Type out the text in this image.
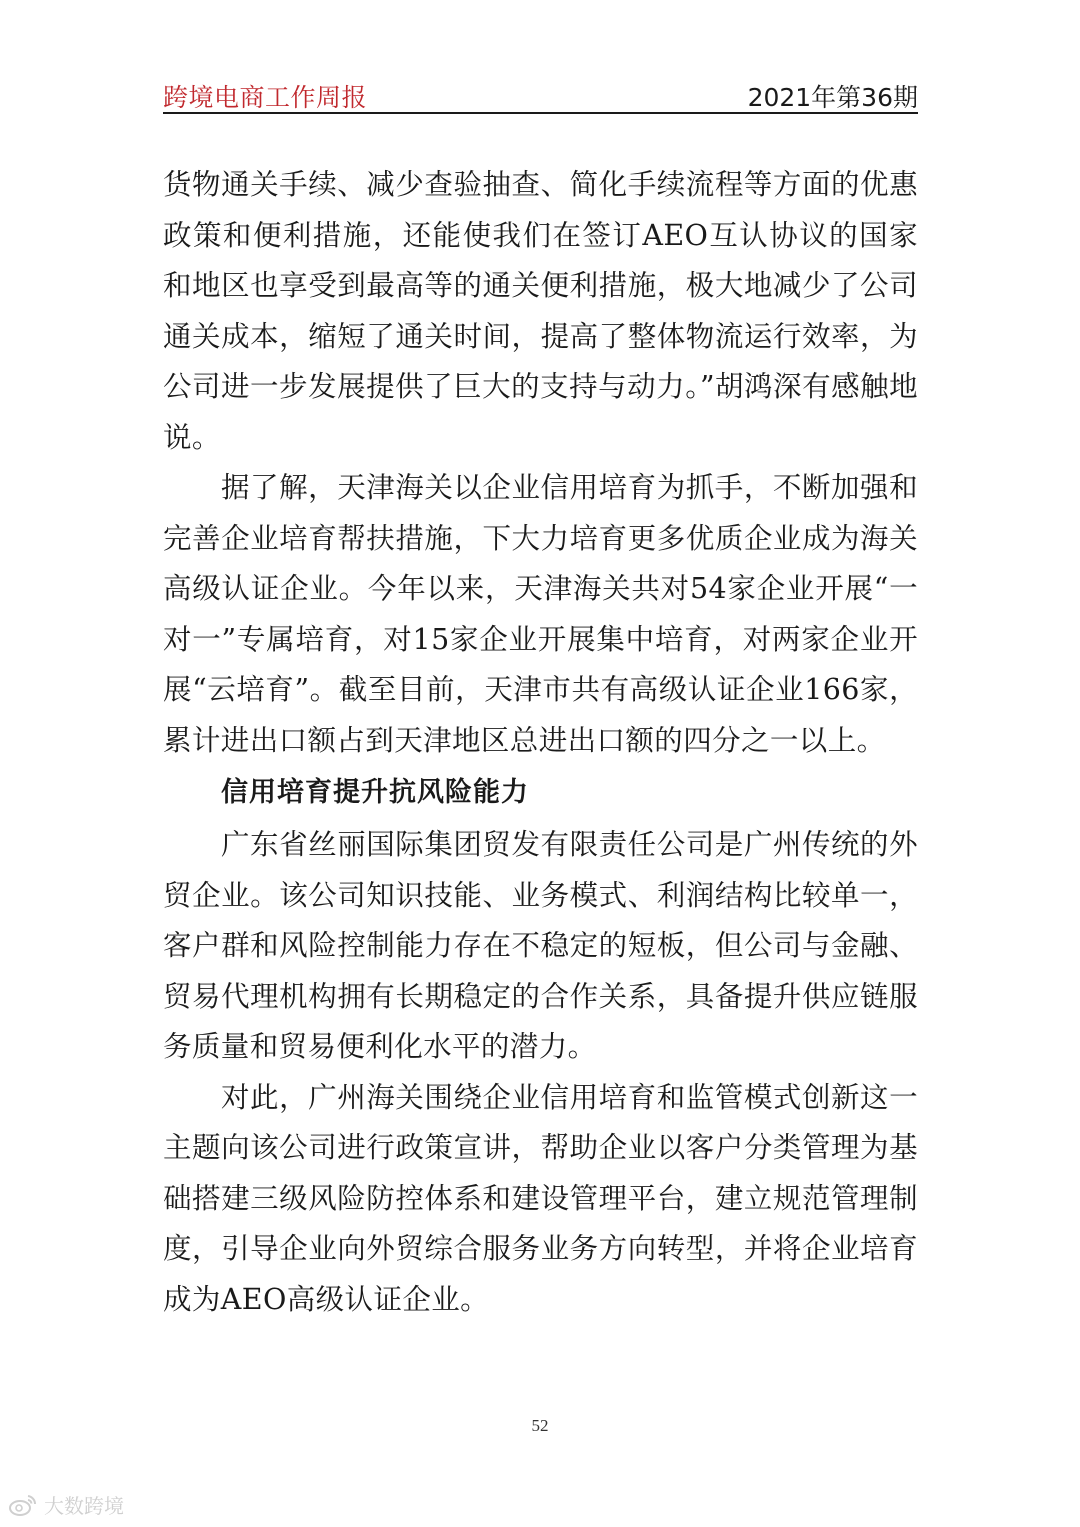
跨境电商工作周报	2021年第36期

货物通关手续、减少查验抽查、简化手续流程等方面的优惠政策和便利措施，还能使我们在签订AEO互认协议的国家和地区也享受到最高等的通关便利措施，极大地减少了公司通关成本，缩短了通关时间，提高了整体物流运行效率，为公司进一步发展提供了巨大的支持与动力。”胡鸿深有感触地说。

据了解，天津海关以企业信用培育为抓手，不断加强和完善企业培育帮扶措施，下大力培育更多优质企业成为海关高级认证企业。今年以来，天津海关共对54家企业开展“一对一”专属培育，对15家企业开展集中培育，对两家企业开展“云培育”。截至目前，天津市共有高级认证企业166家，累计进出口额占到天津地区总进出口额的四分之一以上。

信用培育提升抗风险能力

广东省丝丽国际集团贸发有限责任公司是广州传统的外贸企业。该公司知识技能、业务模式、利润结构比较单一，客户群和风险控制能力存在不稳定的短板，但公司与金融、贸易代理机构拥有长期稳定的合作关系，具备提升供应链服务质量和贸易便利化水平的潜力。

对此，广州海关围绕企业信用培育和监管模式创新这一主题向该公司进行政策宣讲，帮助企业以客户分类管理为基础搭建三级风险防控体系和建设管理平台，建立规范管理制度，引导企业向外贸综合服务业务方向转型，并将企业培育成为AEO高级认证企业。

52
大数跨境
